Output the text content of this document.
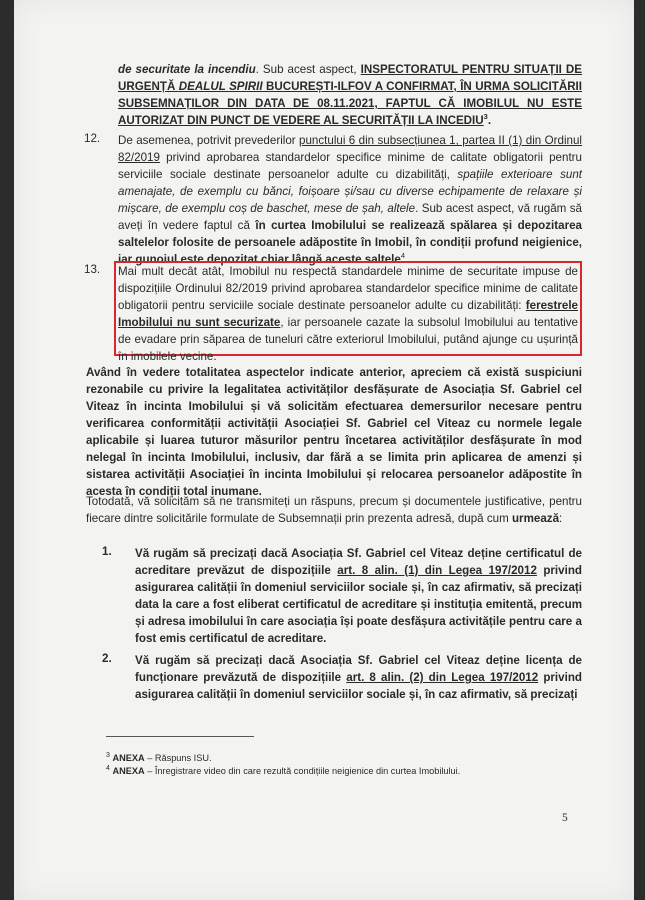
de securitate la incendiu. Sub acest aspect, INSPECTORATUL PENTRU SITUAȚII DE URGENȚĂ DEALUL SPIRII BUCUREȘTI-ILFOV A CONFIRMAT, ÎN URMA SOLICITĂRII SUBSEMNAȚILOR DIN DATA DE 08.11.2021, FAPTUL CĂ IMOBILUL NU ESTE AUTORIZAT DIN PUNCT DE VEDERE AL SECURITĂȚII LA INCEDIU$^3$.
12. De asemenea, potrivit prevederilor punctului 6 din subsecțiunea 1, partea II (1) din Ordinul 82/2019 privind aprobarea standardelor specifice minime de calitate obligatorii pentru serviciile sociale destinate persoanelor adulte cu dizabilități, spațiile exterioare sunt amenajate, de exemplu cu bănci, foișoare și/sau cu diverse echipamente de relaxare și mișcare, de exemplu coș de baschet, mese de șah, altele. Sub acest aspect, vă rugăm să aveți în vedere faptul că în curtea Imobilului se realizează spălarea și depozitarea saltelelor folosite de persoanele adăpostite în Imobil, în condiții profund neigienice, iar gunoiul este depozitat chiar lângă aceste saltele$^4$.
13. Mai mult decât atât, Imobilul nu respectă standardele minime de securitate impuse de dispozițiile Ordinului 82/2019 privind aprobarea standardelor specifice minime de calitate obligatorii pentru serviciile sociale destinate persoanelor adulte cu dizabilități: ferestrele Imobilului nu sunt securizate, iar persoanele cazate la subsolul Imobilului au tentative de evadare prin săparea de tuneluri către exteriorul Imobilului, putând ajunge cu ușurință în imobilele vecine.
Având în vedere totalitatea aspectelor indicate anterior, apreciem că există suspiciuni rezonabile cu privire la legalitatea activităților desfășurate de Asociația Sf. Gabriel cel Viteaz în incinta Imobilului și vă solicităm efectuarea demersurilor necesare pentru verificarea conformității activității Asociației Sf. Gabriel cel Viteaz cu normele legale aplicabile și luarea tuturor măsurilor pentru încetarea activităților desfășurate în mod nelegal în incinta Imobilului, inclusiv, dar fără a se limita prin aplicarea de amenzi și sistarea activității Asociației în incinta Imobilului și relocarea persoanelor adăpostite în acesta în condiții total inumane.
Totodată, vă solicităm să ne transmiteți un răspuns, precum și documentele justificative, pentru fiecare dintre solicitările formulate de Subsemnații prin prezenta adresă, după cum urmează:
1. Vă rugăm să precizați dacă Asociația Sf. Gabriel cel Viteaz deține certificatul de acreditare prevăzut de dispozițiile art. 8 alin. (1) din Legea 197/2012 privind asigurarea calității în domeniul serviciilor sociale și, în caz afirmativ, să precizați data la care a fost eliberat certificatul de acreditare și instituția emitentă, precum și adresa imobilului în care asociația își poate desfășura activitățile pentru care a fost emis certificatul de acreditare.
2. Vă rugăm să precizați dacă Asociația Sf. Gabriel cel Viteaz deține licența de funcționare prevăzută de dispozițiile art. 8 alin. (2) din Legea 197/2012 privind asigurarea calității în domeniul serviciilor sociale și, în caz afirmativ, să precizați
$^3$ ANEXA – Răspuns ISU.
$^4$ ANEXA – Înregistrare video din care rezultă condițiile neigienice din curtea Imobilului.
5
